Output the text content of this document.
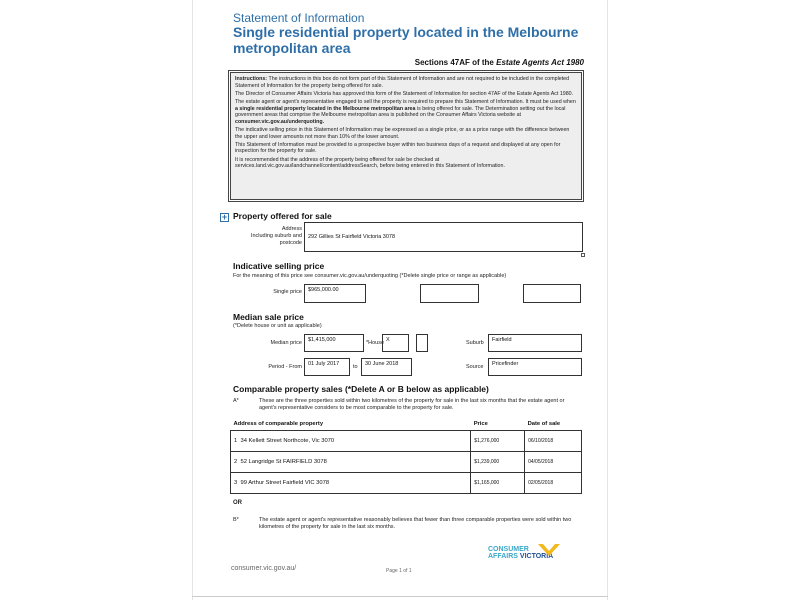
Statement of Information
Single residential property located in the Melbourne metropolitan area
Sections 47AF of the Estate Agents Act 1980

Instructions: The instructions in this box do not form part of this Statement of Information and are not required to be included in the completed Statement of Information for the property being offered for sale.

The Director of Consumer Affairs Victoria has approved this form of the Statement of Information for section 47AF of the Estate Agents Act 1980.

The estate agent or agent's representative engaged to sell the property is required to prepare this Statement of Information. It must be used when a single residential property located in the Melbourne metropolitan area is being offered for sale. The Determination setting out the local government areas that comprise the Melbourne metropolitan area is published on the Consumer Affairs Victoria website at consumer.vic.gov.au/underquoting.

The indicative selling price in this Statement of Information may be expressed as a single price, or as a price range with the difference between the upper and lower amounts not more than 10% of the lower amount.

This Statement of Information must be provided to a prospective buyer within two business days of a request and displayed at any open for inspection for the property for sale.

It is recommended that the address of the property being offered for sale be checked at services.land.vic.gov.au/landchannel/content/addressSearch, before being entered in this Statement of Information.

+ Property offered for sale
Address
Including suburb and
postcode
292 Gillies St Fairfield Victoria 3078
Indicative selling price
For the meaning of this price see consumer.vic.gov.au/underquoting (*Delete single price or range as applicable)
Single price	$965,000.00
Median sale price
(*Delete house or unit as applicable)
Median price	$1,415,000	*House X	Suburb	Fairfield
Period - From	01 July 2017	to	30 June 2018	Source	Pricefinder
Comparable property sales (*Delete A or B below as applicable)
A*	These are the three properties sold within two kilometres of the property for sale in the last six months that the estate agent or agent's representative considers to be most comparable to the property for sale.
Address of comparable property	Price	Date of sale
1 34 Kellett Street Northcote, Vic 3070	$1,276,000	06/10/2018
2 52 Langridge St FAIRFIELD 3078	$1,239,000	04/05/2018
3 99 Arthur Street Fairfield VIC 3078	$1,165,000	02/05/2018
OR
B*	The estate agent or agent's representative reasonably believes that fewer than three comparable properties were sold within two kilometres of the property for sale in the last six months.
CONSUMER
AFFAIRS VICTORIA
consumer.vic.gov.au/	Page 1 of 1
